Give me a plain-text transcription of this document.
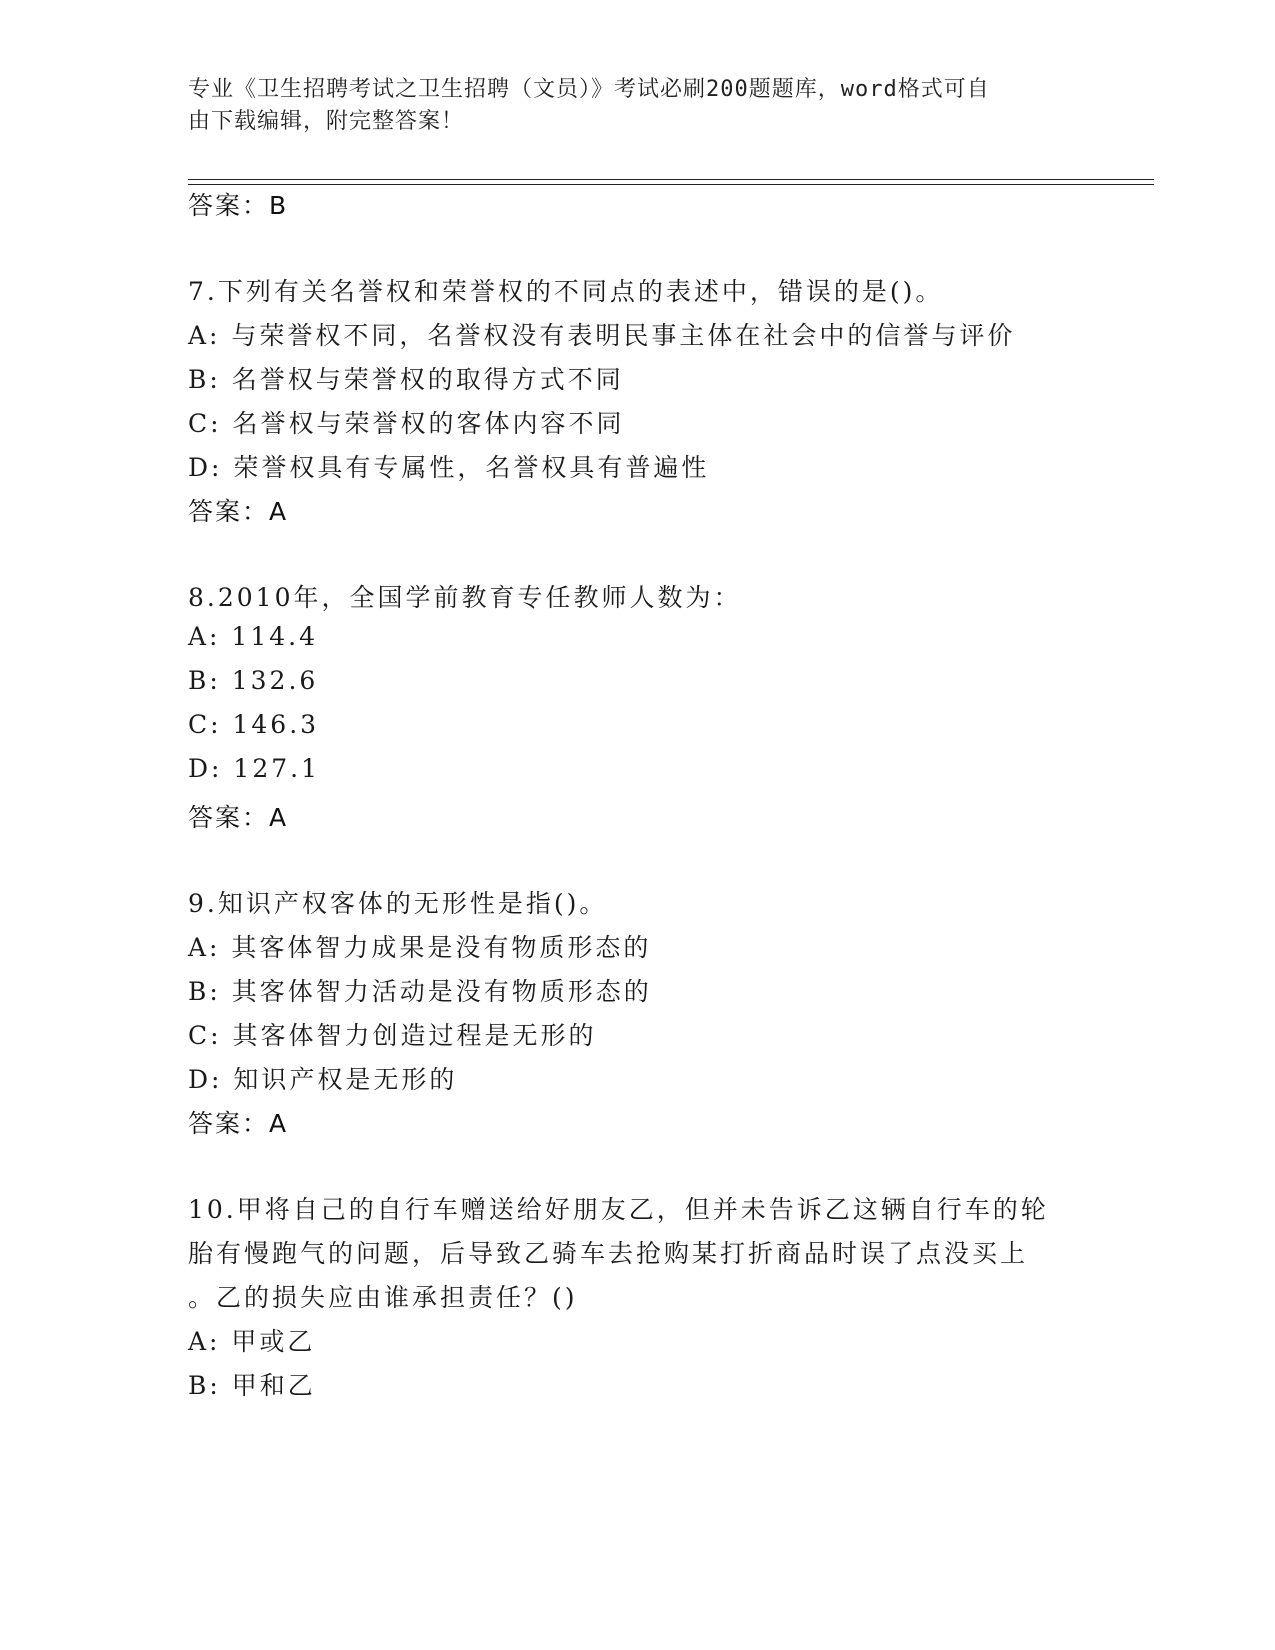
专业《卫生招聘考试之卫生招聘（文员）》考试必刷200题题库，word格式可自
由下载编辑，附完整答案！
答案：B
7.下列有关名誉权和荣誉权的不同点的表述中，错误的是()。
A: 与荣誉权不同，名誉权没有表明民事主体在社会中的信誉与评价
B: 名誉权与荣誉权的取得方式不同
C: 名誉权与荣誉权的客体内容不同
D: 荣誉权具有专属性，名誉权具有普遍性
答案：A
8.2010年，全国学前教育专任教师人数为：
A: 114.4
B: 132.6
C: 146.3
D: 127.1
答案：A
9.知识产权客体的无形性是指()。
A: 其客体智力成果是没有物质形态的
B: 其客体智力活动是没有物质形态的
C: 其客体智力创造过程是无形的
D: 知识产权是无形的
答案：A
10.甲将自己的自行车赠送给好朋友乙，但并未告诉乙这辆自行车的轮
胎有慢跑气的问题，后导致乙骑车去抢购某打折商品时误了点没买上
。乙的损失应由谁承担责任？()
A: 甲或乙
B: 甲和乙
